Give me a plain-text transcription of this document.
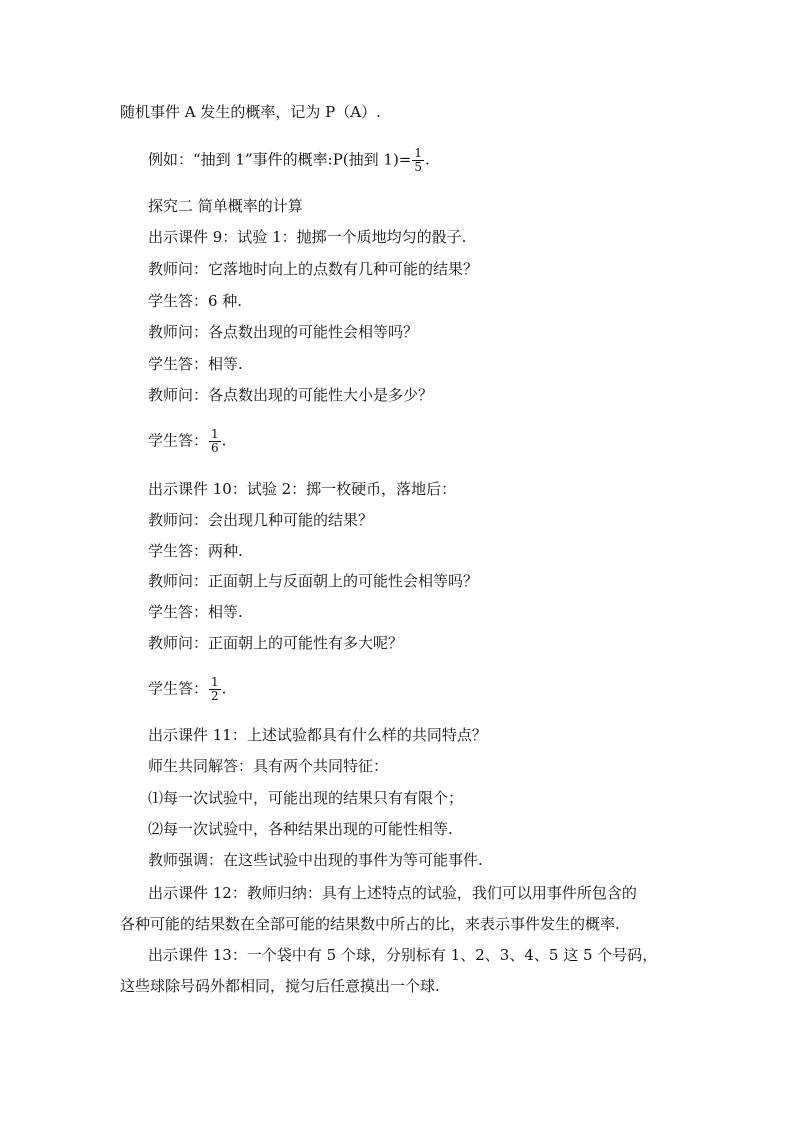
随机事件 A 发生的概率，记为 P（A）.
例如：“抽到 1”事件的概率:P(抽到 $1)= \frac{1}{5}$ .
探究二 简单概率的计算
出示课件 9：试验 1：抛掷一个质地均匀的骰子.
教师问：它落地时向上的点数有几种可能的结果？
学生答：6 种.
教师问：各点数出现的可能性会相等吗？
学生答：相等.
教师问：各点数出现的可能性大小是多少？
学生答： $\frac{1}{6}$ .
出示课件 10：试验 2：掷一枚硬币，落地后：
教师问：会出现几种可能的结果？
学生答：两种.
教师问：正面朝上与反面朝上的可能性会相等吗？
学生答：相等.
教师问：正面朝上的可能性有多大呢？
学生答： $\frac{1}{2}$ .
出示课件 11：上述试验都具有什么样的共同特点？
师生共同解答：具有两个共同特征：
⑴每一次试验中，可能出现的结果只有有限个；
⑵每一次试验中，各种结果出现的可能性相等.
教师强调：在这些试验中出现的事件为等可能事件.
出示课件 12：教师归纳：具有上述特点的试验，我们可以用事件所包含的
各种可能的结果数在全部可能的结果数中所占的比，来表示事件发生的概率.
出示课件 13：一个袋中有 5 个球，分别标有 1、2、3、4、5 这 5 个号码，
这些球除号码外都相同，搅匀后任意摸出一个球.
